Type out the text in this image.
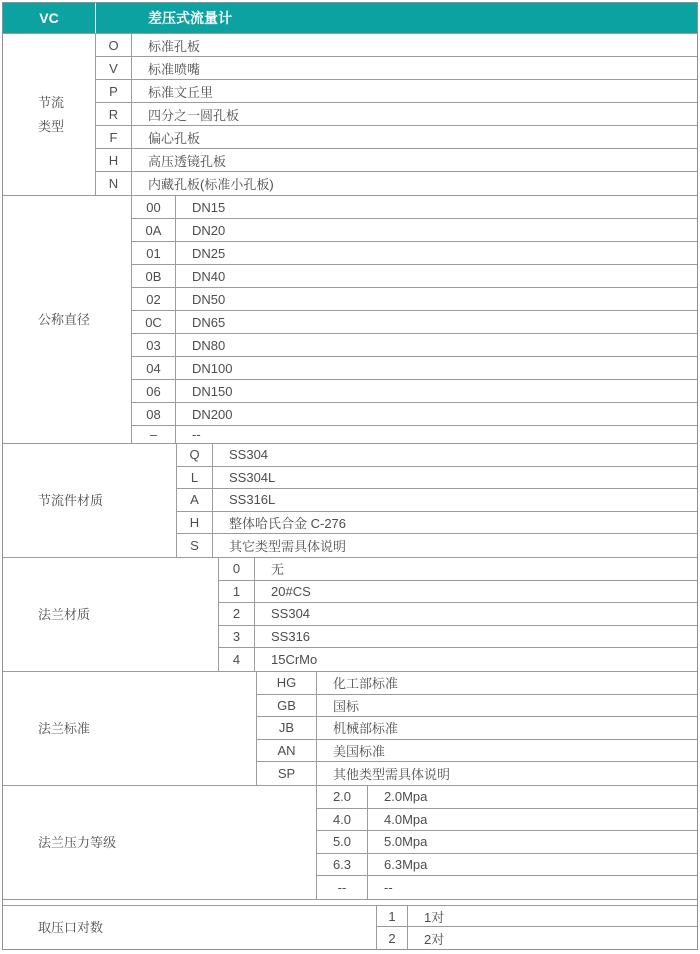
VC	差压式流量计
节流
类型
O	标准孔板
V	标准喷嘴
P	标准文丘里
R	四分之一圆孔板
F	偏心孔板
H	高压透镜孔板
N	内藏孔板(标准小孔板)
公称直径
00	DN15
0A	DN20
01	DN25
0B	DN40
02	DN50
0C	DN65
03	DN80
04	DN100
06	DN150
08	DN200
–	--
节流件材质
Q	SS304
L	SS304L
A	SS316L
H	整体哈氏合金 C-276
S	其它类型需具体说明
法兰材质
0	无
1	20#CS
2	SS304
3	SS316
4	15CrMo
法兰标准
HG	化工部标准
GB	国标
JB	机械部标准
AN	美国标准
SP	其他类型需具体说明
法兰压力等级
2.0	2.0Mpa
4.0	4.0Mpa
5.0	5.0Mpa
6.3	6.3Mpa
--	--
取压口对数
1	1对
2	2对
